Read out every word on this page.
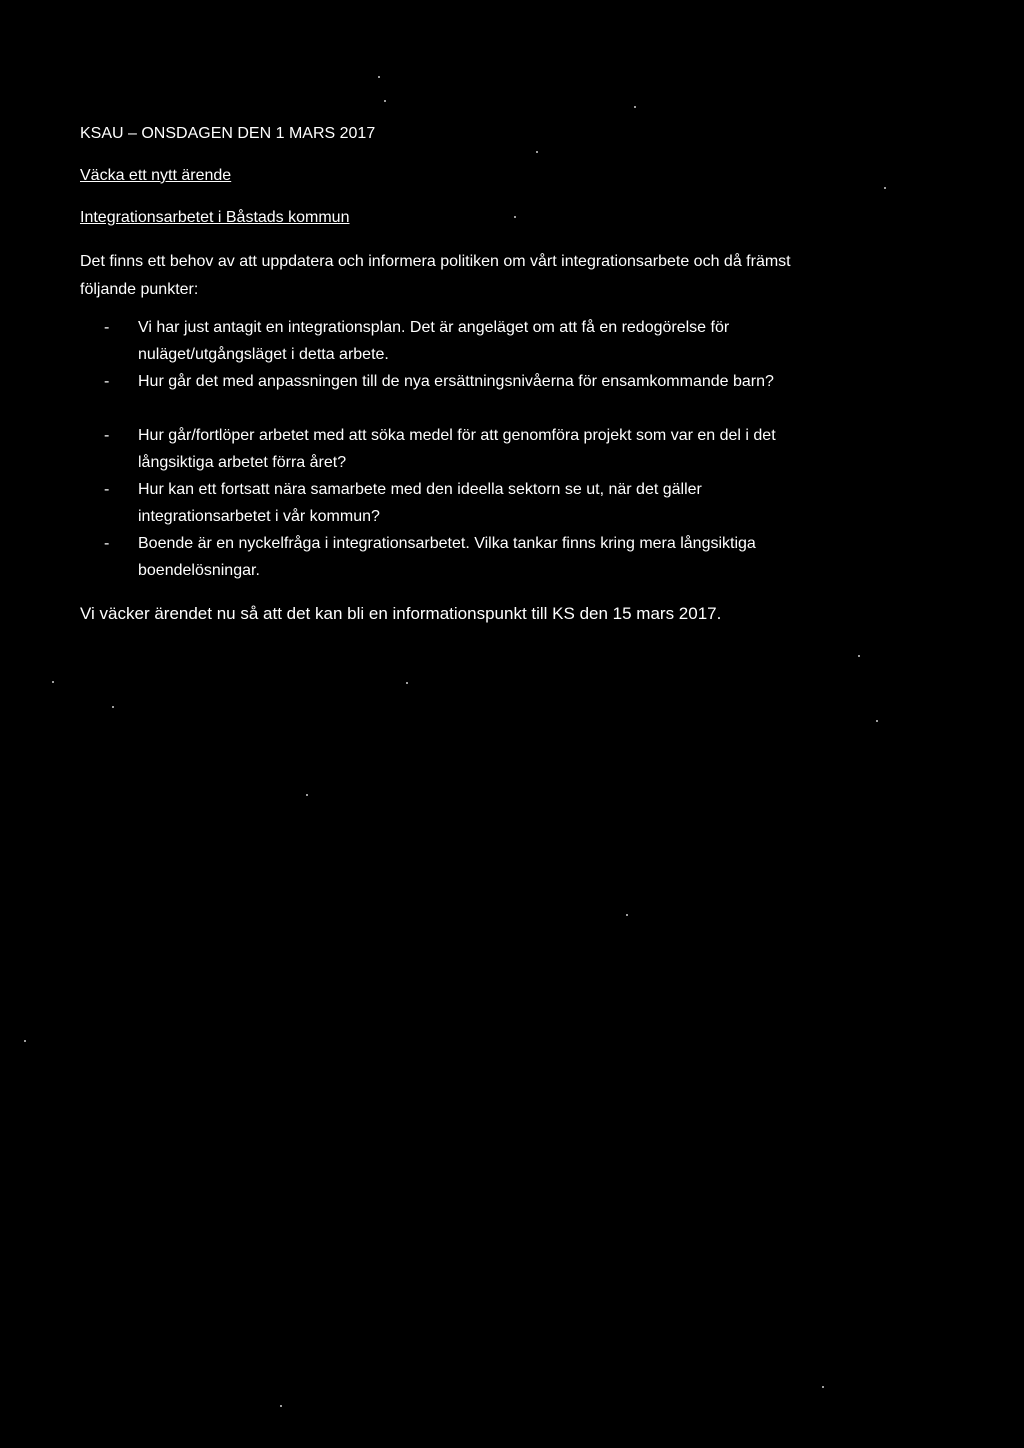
KSAU – ONSDAGEN DEN 1 MARS 2017
Väcka ett nytt ärende
Integrationsarbetet i Båstads kommun
Det finns ett behov av att uppdatera och informera politiken om vårt integrationsarbete och då främst följande punkter:
- Vi har just antagit en integrationsplan. Det är angeläget om att få en redogörelse för nuläget/utgångsläget i detta arbete.
- Hur går det med anpassningen till de nya ersättningsnivåerna för ensamkommande barn?
- Hur går/fortlöper arbetet med att söka medel för att genomföra projekt som var en del i det långsiktiga arbetet förra året?
- Hur kan ett fortsatt nära samarbete med den ideella sektorn se ut, när det gäller integrationsarbetet i vår kommun?
- Boende är en nyckelfråga i integrationsarbetet. Vilka tankar finns kring mera långsiktiga boendelösningar.
Vi väcker ärendet nu så att det kan bli en informationspunkt till KS den 15 mars 2017.
